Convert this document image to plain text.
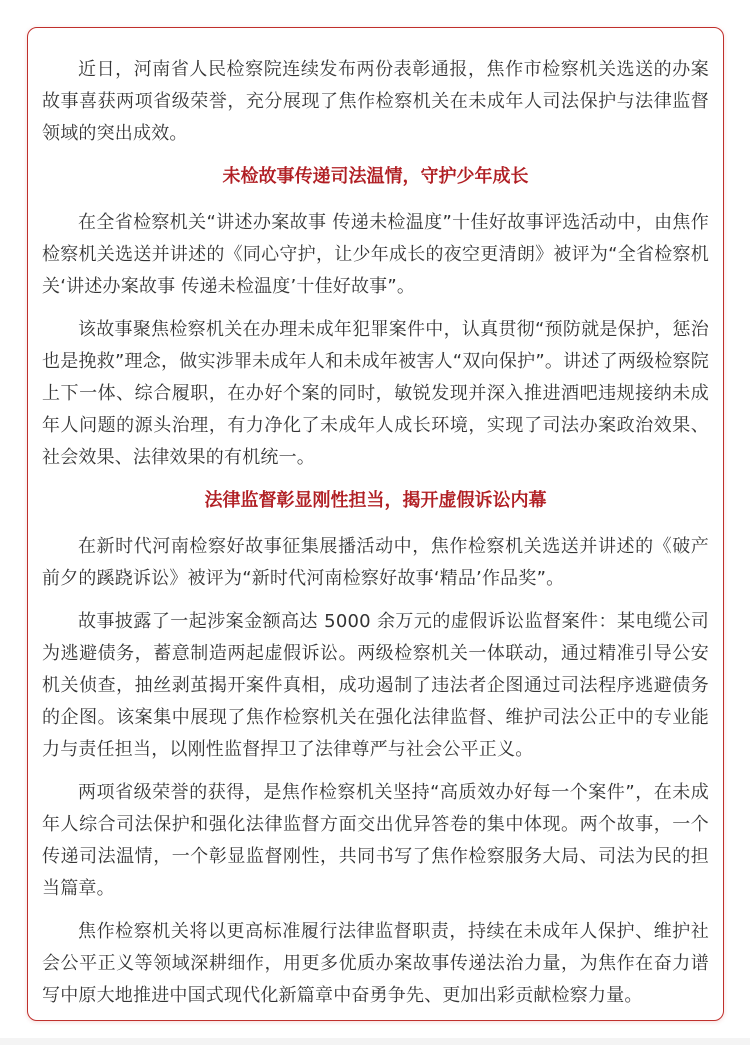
近日，河南省人民检察院连续发布两份表彰通报，焦作市检察机关选送的办案故事喜获两项省级荣誉，充分展现了焦作检察机关在未成年人司法保护与法律监督领域的突出成效。

未检故事传递司法温情，守护少年成长

在全省检察机关“讲述办案故事 传递未检温度”十佳好故事评选活动中，由焦作检察机关选送并讲述的《同心守护，让少年成长的夜空更清朗》被评为“全省检察机关‘讲述办案故事 传递未检温度’十佳好故事”。

该故事聚焦检察机关在办理未成年犯罪案件中，认真贯彻“预防就是保护，惩治也是挽救”理念，做实涉罪未成年人和未成年被害人“双向保护”。讲述了两级检察院上下一体、综合履职，在办好个案的同时，敏锐发现并深入推进酒吧违规接纳未成年人问题的源头治理，有力净化了未成年人成长环境，实现了司法办案政治效果、社会效果、法律效果的有机统一。

法律监督彰显刚性担当，揭开虚假诉讼内幕

在新时代河南检察好故事征集展播活动中，焦作检察机关选送并讲述的《破产前夕的蹊跷诉讼》被评为“新时代河南检察好故事‘精品’作品奖”。

故事披露了一起涉案金额高达 5000 余万元的虚假诉讼监督案件：某电缆公司为逃避债务，蓄意制造两起虚假诉讼。两级检察机关一体联动，通过精准引导公安机关侦查，抽丝剥茧揭开案件真相，成功遏制了违法者企图通过司法程序逃避债务的企图。该案集中展现了焦作检察机关在强化法律监督、维护司法公正中的专业能力与责任担当，以刚性监督捍卫了法律尊严与社会公平正义。

两项省级荣誉的获得，是焦作检察机关坚持“高质效办好每一个案件”，在未成年人综合司法保护和强化法律监督方面交出优异答卷的集中体现。两个故事，一个传递司法温情，一个彰显监督刚性，共同书写了焦作检察服务大局、司法为民的担当篇章。

焦作检察机关将以更高标准履行法律监督职责，持续在未成年人保护、维护社会公平正义等领域深耕细作，用更多优质办案故事传递法治力量，为焦作在奋力谱写中原大地推进中国式现代化新篇章中奋勇争先、更加出彩贡献检察力量。
